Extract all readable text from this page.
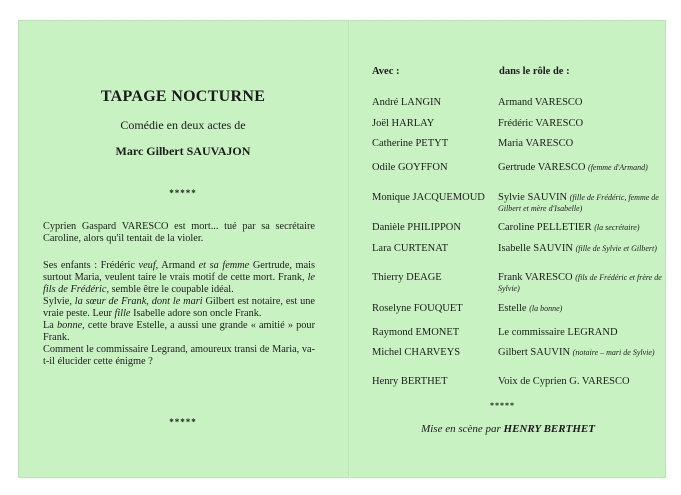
TAPAGE NOCTURNE
Comédie en deux actes de
Marc Gilbert SAUVAJON
*****
Cyprien Gaspard VARESCO est mort... tué par sa secrétaire Caroline, alors qu'il tentait de la violer.
Ses enfants : Frédéric veuf, Armand et sa femme Gertrude, mais surtout Maria, veulent taire le vrais motif de cette mort. Frank, le fils de Frédéric, semble être le coupable idéal.
Sylvie, la sœur de Frank, dont le mari Gilbert est notaire, est une vraie peste. Leur fille Isabelle adore son oncle Frank.
La bonne, cette brave Estelle, a aussi une grande « amitié » pour Frank.
Comment le commissaire Legrand, amoureux transi de Maria, va-t-il élucider cette énigme ?
*****
Avec :	dans le rôle de :
André LANGIN	Armand VARESCO
Joël HARLAY	Frédéric VARESCO
Catherine PETYT	Maria VARESCO
Odile GOYFFON	Gertrude VARESCO (femme d'Armand)
Monique JACQUEMOUD Sylvie SAUVIN (fille de Frédéric, femme de Gilbert et mère d'Isabelle)
Danièle PHILIPPON	Caroline PELLETIER (la secrétaire)
Lara CURTENAT	Isabelle SAUVIN (fille de Sylvie et Gilbert)
Thierry DEAGE	Frank VARESCO (fils de Frédéric et frère de Sylvie)
Roselyne FOUQUET	Estelle (la bonne)
Raymond EMONET	Le commissaire LEGRAND
Michel CHARVEYS	Gilbert SAUVIN (notaire – mari de Sylvie)
Henry BERTHET	Voix de Cyprien G. VARESCO
*****
Mise en scène par HENRY BERTHET
